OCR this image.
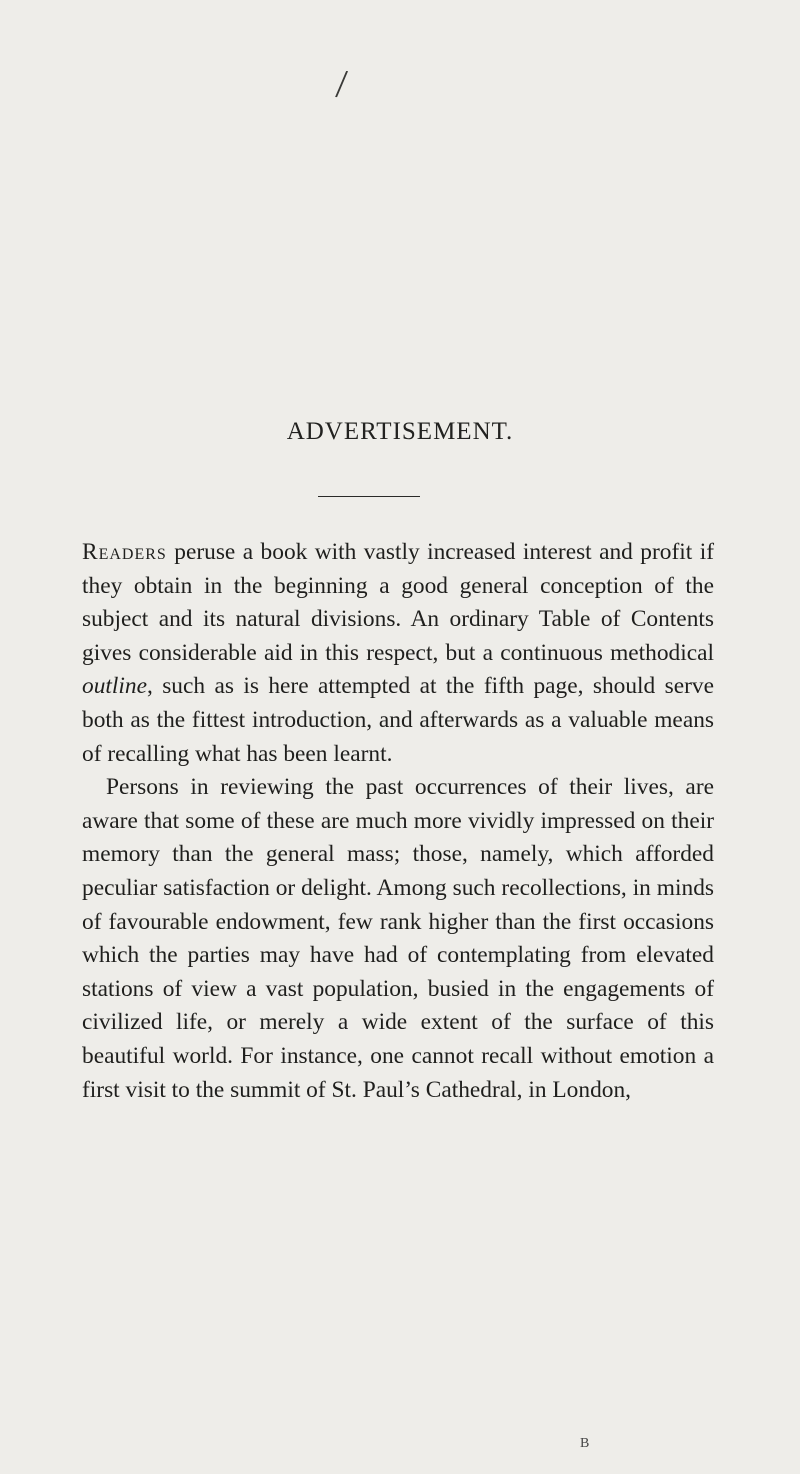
/
ADVERTISEMENT.

Readers peruse a book with vastly increased interest and profit if they obtain in the beginning a good general conception of the subject and its natural divisions. An ordinary Table of Contents gives considerable aid in this respect, but a continuous methodical outline, such as is here attempted at the fifth page, should serve both as the fittest introduction, and afterwards as a valuable means of recalling what has been learnt.

Persons in reviewing the past occurrences of their lives, are aware that some of these are much more vividly impressed on their memory than the general mass; those, namely, which afforded peculiar satisfaction or delight. Among such recollections, in minds of favourable endowment, few rank higher than the first occasions which the parties may have had of contemplating from elevated stations of view a vast population, busied in the engagements of civilized life, or merely a wide extent of the surface of this beautiful world. For instance, one cannot recall without emotion a first visit to the summit of St. Paul’s Cathedral, in London,

B
